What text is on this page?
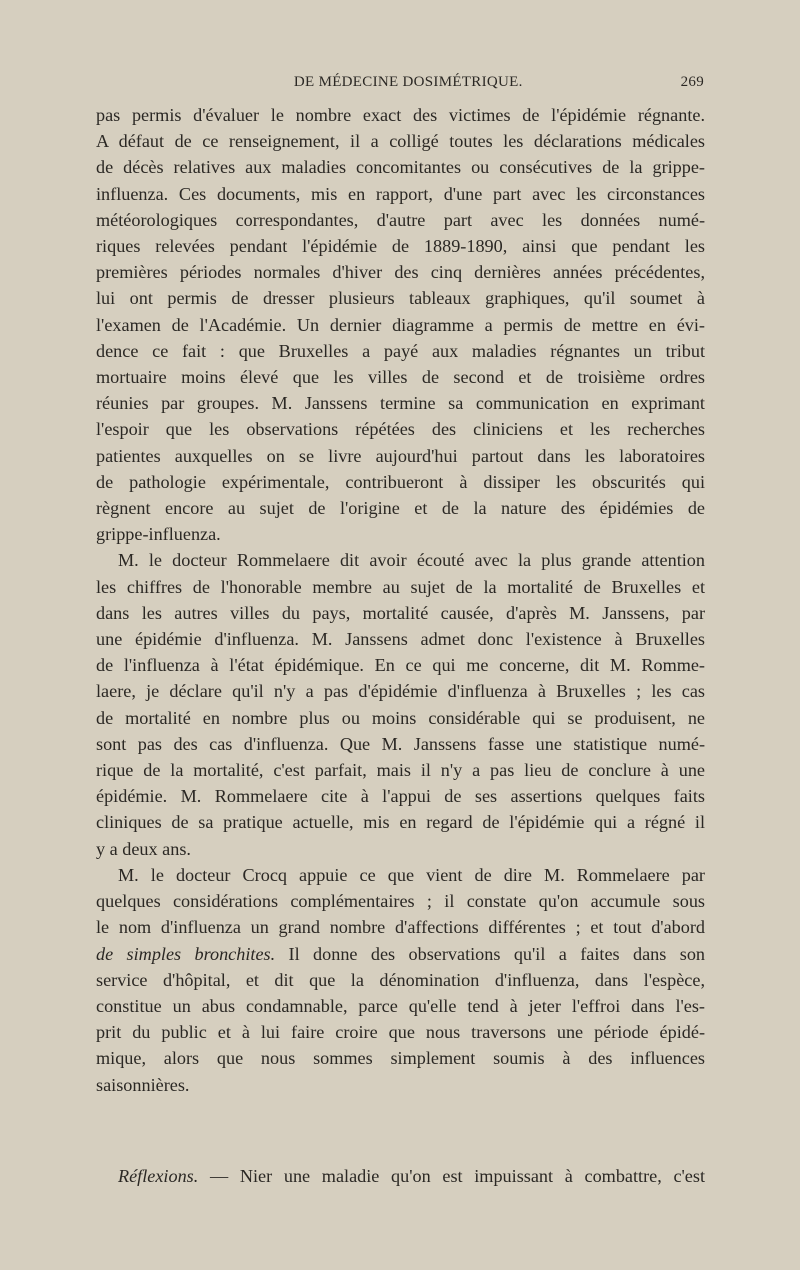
DE MÉDECINE DOSIMÉTRIQUE.	269
pas permis d'évaluer le nombre exact des victimes de l'épidémie régnante.
A défaut de ce renseignement, il a colligé toutes les déclarations médicales
de décès relatives aux maladies concomitantes ou consécutives de la grippe-
influenza. Ces documents, mis en rapport, d'une part avec les circonstances
météorologiques correspondantes, d'autre part avec les données numé-
riques relevées pendant l'épidémie de 1889-1890, ainsi que pendant les
premières périodes normales d'hiver des cinq dernières années précédentes,
lui ont permis de dresser plusieurs tableaux graphiques, qu'il soumet à
l'examen de l'Académie. Un dernier diagramme a permis de mettre en évi-
dence ce fait : que Bruxelles a payé aux maladies régnantes un tribut
mortuaire moins élevé que les villes de second et de troisième ordres
réunies par groupes. M. Janssens termine sa communication en exprimant
l'espoir que les observations répétées des cliniciens et les recherches
patientes auxquelles on se livre aujourd'hui partout dans les laboratoires
de pathologie expérimentale, contribueront à dissiper les obscurités qui
règnent encore au sujet de l'origine et de la nature des épidémies de
grippe-influenza.
M. le docteur Rommelaere dit avoir écouté avec la plus grande attention
les chiffres de l'honorable membre au sujet de la mortalité de Bruxelles et
dans les autres villes du pays, mortalité causée, d'après M. Janssens, par
une épidémie d'influenza. M. Janssens admet donc l'existence à Bruxelles
de l'influenza à l'état épidémique. En ce qui me concerne, dit M. Romme-
laere, je déclare qu'il n'y a pas d'épidémie d'influenza à Bruxelles ; les cas
de mortalité en nombre plus ou moins considérable qui se produisent, ne
sont pas des cas d'influenza. Que M. Janssens fasse une statistique numé-
rique de la mortalité, c'est parfait, mais il n'y a pas lieu de conclure à une
épidémie. M. Rommelaere cite à l'appui de ses assertions quelques faits
cliniques de sa pratique actuelle, mis en regard de l'épidémie qui a régné il
y a deux ans.
M. le docteur Crocq appuie ce que vient de dire M. Rommelaere par
quelques considérations complémentaires ; il constate qu'on accumule sous
le nom d'influenza un grand nombre d'affections différentes ; et tout d'abord
de simples bronchites. Il donne des observations qu'il a faites dans son
service d'hôpital, et dit que la dénomination d'influenza, dans l'espèce,
constitue un abus condamnable, parce qu'elle tend à jeter l'effroi dans l'es-
prit du public et à lui faire croire que nous traversons une période épidé-
mique, alors que nous sommes simplement soumis à des influences
saisonnières.
Réflexions. — Nier une maladie qu'on est impuissant à combattre, c'est
